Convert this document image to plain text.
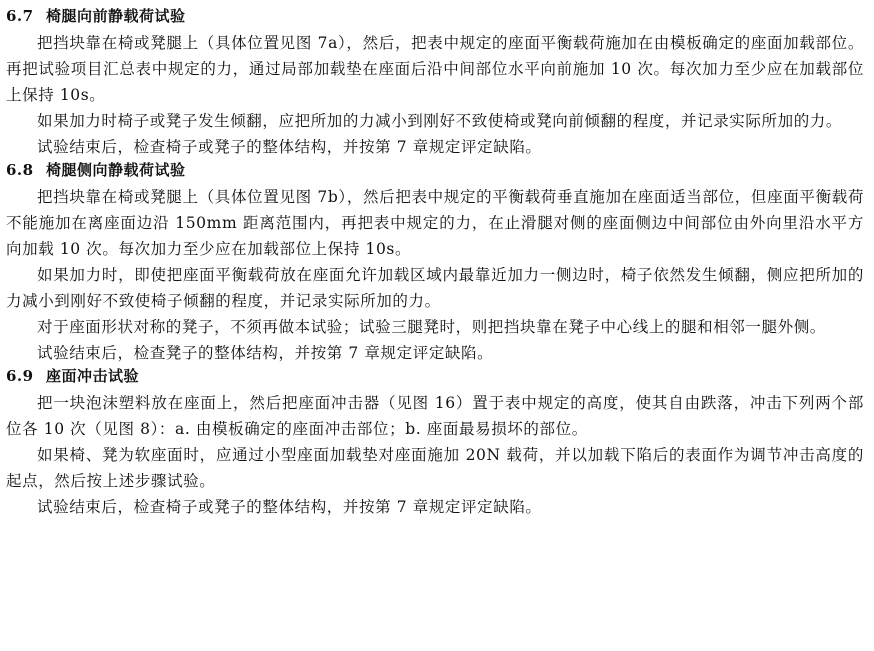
6.7 椅腿向前静载荷试验

把挡块靠在椅或凳腿上（具体位置见图 7a），然后，把表中规定的座面平衡载荷施加在由模板确定的座面加载部位。再把试验项目汇总表中规定的力，通过局部加载垫在座面后沿中间部位水平向前施加 10 次。每次加力至少应在加载部位上保持 10s。

如果加力时椅子或凳子发生倾翻，应把所加的力减小到刚好不致使椅或凳向前倾翻的程度，并记录实际所加的力。

试验结束后，检查椅子或凳子的整体结构，并按第 7 章规定评定缺陷。

6.8 椅腿侧向静载荷试验

把挡块靠在椅或凳腿上（具体位置见图 7b），然后把表中规定的平衡载荷垂直施加在座面适当部位，但座面平衡载荷不能施加在离座面边沿 150mm 距离范围内，再把表中规定的力，在止滑腿对侧的座面侧边中间部位由外向里沿水平方向加载 10 次。每次加力至少应在加载部位上保持 10s。

如果加力时，即使把座面平衡载荷放在座面允许加载区域内最靠近加力一侧边时，椅子依然发生倾翻，侧应把所加的力减小到刚好不致使椅子倾翻的程度，并记录实际所加的力。

对于座面形状对称的凳子，不须再做本试验；试验三腿凳时，则把挡块靠在凳子中心线上的腿和相邻一腿外侧。

试验结束后，检查凳子的整体结构，并按第 7 章规定评定缺陷。

6.9 座面冲击试验

把一块泡沫塑料放在座面上，然后把座面冲击器（见图 16）置于表中规定的高度，使其自由跌落，冲击下列两个部位各 10 次（见图 8）：a. 由模板确定的座面冲击部位；b. 座面最易损坏的部位。

如果椅、凳为软座面时，应通过小型座面加载垫对座面施加 20N 载荷，并以加载下陷后的表面作为调节冲击高度的起点，然后按上述步骤试验。

试验结束后，检查椅子或凳子的整体结构，并按第 7 章规定评定缺陷。
